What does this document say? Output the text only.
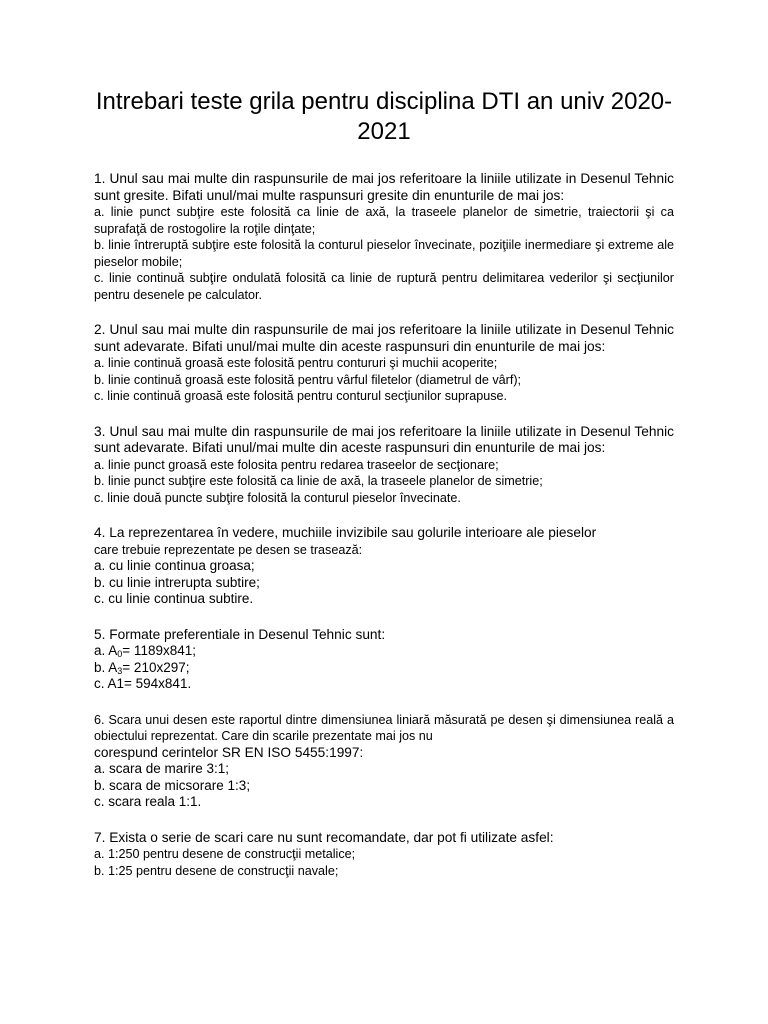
Intrebari teste grila pentru disciplina DTI an univ 2020-2021

1. Unul sau mai multe din raspunsurile de mai jos referitoare la liniile utilizate in Desenul Tehnic sunt gresite. Bifati unul/mai multe raspunsuri gresite din enunturile de mai jos:

a. linie punct subţire este folosită ca linie de axă, la traseele planelor de simetrie, traiectorii şi ca suprafaţă de rostogolire la roţile dinţate;

b. linie întreruptă subţire este folosită la conturul pieselor învecinate, poziţiile inermediare şi extreme ale pieselor mobile;

c. linie continuă subţire ondulată folosită ca linie de ruptură pentru delimitarea vederilor şi secţiunilor pentru desenele pe calculator.

2. Unul sau mai multe din raspunsurile de mai jos referitoare la liniile utilizate in Desenul Tehnic sunt adevarate. Bifati unul/mai multe din aceste raspunsuri din enunturile de mai jos:

a. linie continuă groasă este folosită pentru contururi şi muchii acoperite;

b. linie continuă groasă este folosită pentru vârful filetelor (diametrul de vârf);

c. linie continuă groasă este folosită pentru conturul secţiunilor suprapuse.

3. Unul sau mai multe din raspunsurile de mai jos referitoare la liniile utilizate in Desenul Tehnic sunt adevarate. Bifati unul/mai multe din aceste raspunsuri din enunturile de mai jos:

a. linie punct groasă este folosita pentru redarea traseelor de secţionare;

b. linie punct subţire este folosită ca linie de axă, la traseele planelor de simetrie;

c. linie două puncte subţire folosită la conturul pieselor învecinate.

4. La reprezentarea în vedere, muchiile invizibile sau golurile interioare ale pieselor

care trebuie reprezentate pe desen se trasează:

a. cu linie continua groasa;

b. cu linie intrerupta subtire;

c. cu linie continua subtire.

5. Formate preferentiale in Desenul Tehnic sunt:

a. $A_0= 1189x841$;

b. $A_3= 210x297$;

c. A1= 594x841.

6. Scara unui desen este raportul dintre dimensiunea liniară măsurată pe desen şi dimensiunea reală a obiectului reprezentat. Care din scarile prezentate mai jos nu

corespund cerintelor SR EN ISO 5455:1997:

a. scara de marire 3:1;

b. scara de micsorare 1:3;

c. scara reala 1:1.

7. Exista o serie de scari care nu sunt recomandate, dar pot fi utilizate asfel:

a. 1:250 pentru desene de construcţii metalice;

b. 1:25 pentru desene de construcţii navale;
